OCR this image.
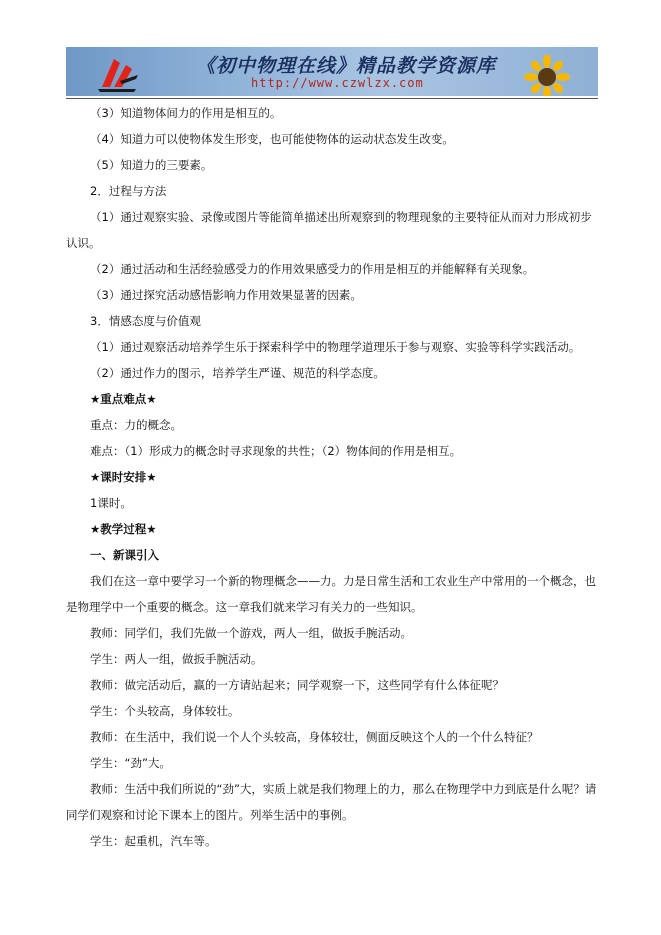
《初中物理在线》精品教学资源库
http://www.czwlzx.com

（3）知道物体间力的作用是相互的。

（4）知道力可以使物体发生形变，也可能使物体的运动状态发生改变。

（5）知道力的三要素。

2．过程与方法

（1）通过观察实验、录像或图片等能简单描述出所观察到的物理现象的主要特征从而对力形成初步认识。

（2）通过活动和生活经验感受力的作用效果感受力的作用是相互的并能解释有关现象。

（3）通过探究活动感悟影响力作用效果显著的因素。

3．情感态度与价值观

（1）通过观察活动培养学生乐于探索科学中的物理学道理乐于参与观察、实验等科学实践活动。

（2）通过作力的图示，培养学生严谨、规范的科学态度。

★重点难点★

重点：力的概念。

难点：（1）形成力的概念时寻求现象的共性；（2）物体间的作用是相互。

★课时安排★

1课时。

★教学过程★

一、新课引入

我们在这一章中要学习一个新的物理概念——力。力是日常生活和工农业生产中常用的一个概念，也是物理学中一个重要的概念。这一章我们就来学习有关力的一些知识。

教师：同学们，我们先做一个游戏，两人一组，做扳手腕活动。

学生：两人一组，做扳手腕活动。

教师：做完活动后，赢的一方请站起来；同学观察一下，这些同学有什么体征呢？

学生：个头较高，身体较壮。

教师：在生活中，我们说一个人个头较高，身体较壮，侧面反映这个人的一个什么特征？

学生：“劲”大。

教师：生活中我们所说的“劲”大，实质上就是我们物理上的力，那么在物理学中力到底是什么呢？请同学们观察和讨论下课本上的图片。列举生活中的事例。

学生：起重机，汽车等。
